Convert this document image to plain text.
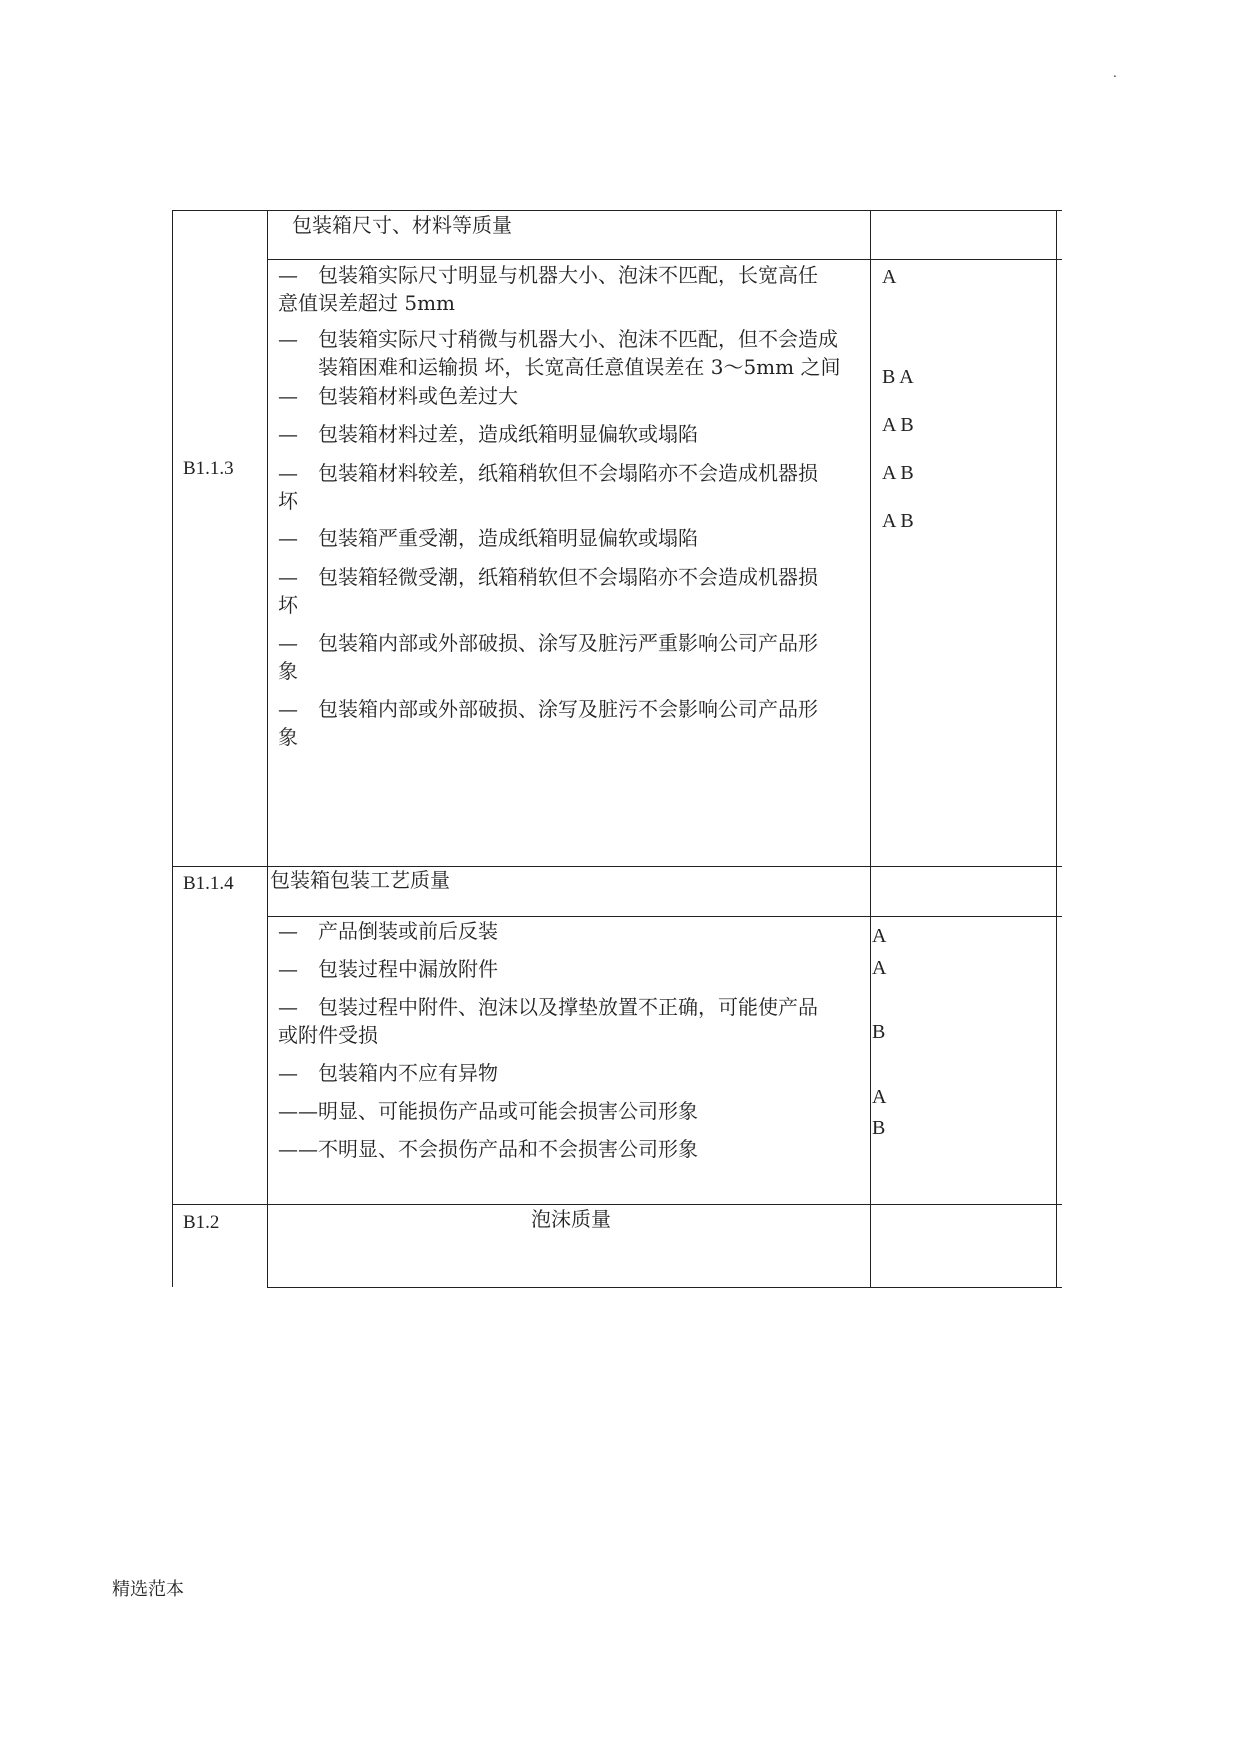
.
B1.1.3
包装箱尺寸、材料等质量
—　包装箱实际尺寸明显与机器大小、泡沫不匹配，长宽高任
意值误差超过 5mm
—　包装箱实际尺寸稍微与机器大小、泡沫不匹配，但不会造成
装箱困难和运输损 坏，长宽高任意值误差在 3～5mm 之间
—　包装箱材料或色差过大
—　包装箱材料过差，造成纸箱明显偏软或塌陷
—　包装箱材料较差，纸箱稍软但不会塌陷亦不会造成机器损
坏
—　包装箱严重受潮，造成纸箱明显偏软或塌陷
—　包装箱轻微受潮，纸箱稍软但不会塌陷亦不会造成机器损
坏
—　包装箱内部或外部破损、涂写及脏污严重影响公司产品形
象
—　包装箱内部或外部破损、涂写及脏污不会影响公司产品形
象
A
B A
A B
A B
A B
B1.1.4 包装箱包装工艺质量
—　产品倒装或前后反装
—　包装过程中漏放附件
—　包装过程中附件、泡沫以及撑垫放置不正确，可能使产品
或附件受损
—　包装箱内不应有异物
——明显、可能损伤产品或可能会损害公司形象
——不明显、不会损伤产品和不会损害公司形象
A
A
B
A
B
B1.2	泡沫质量
精选范本
